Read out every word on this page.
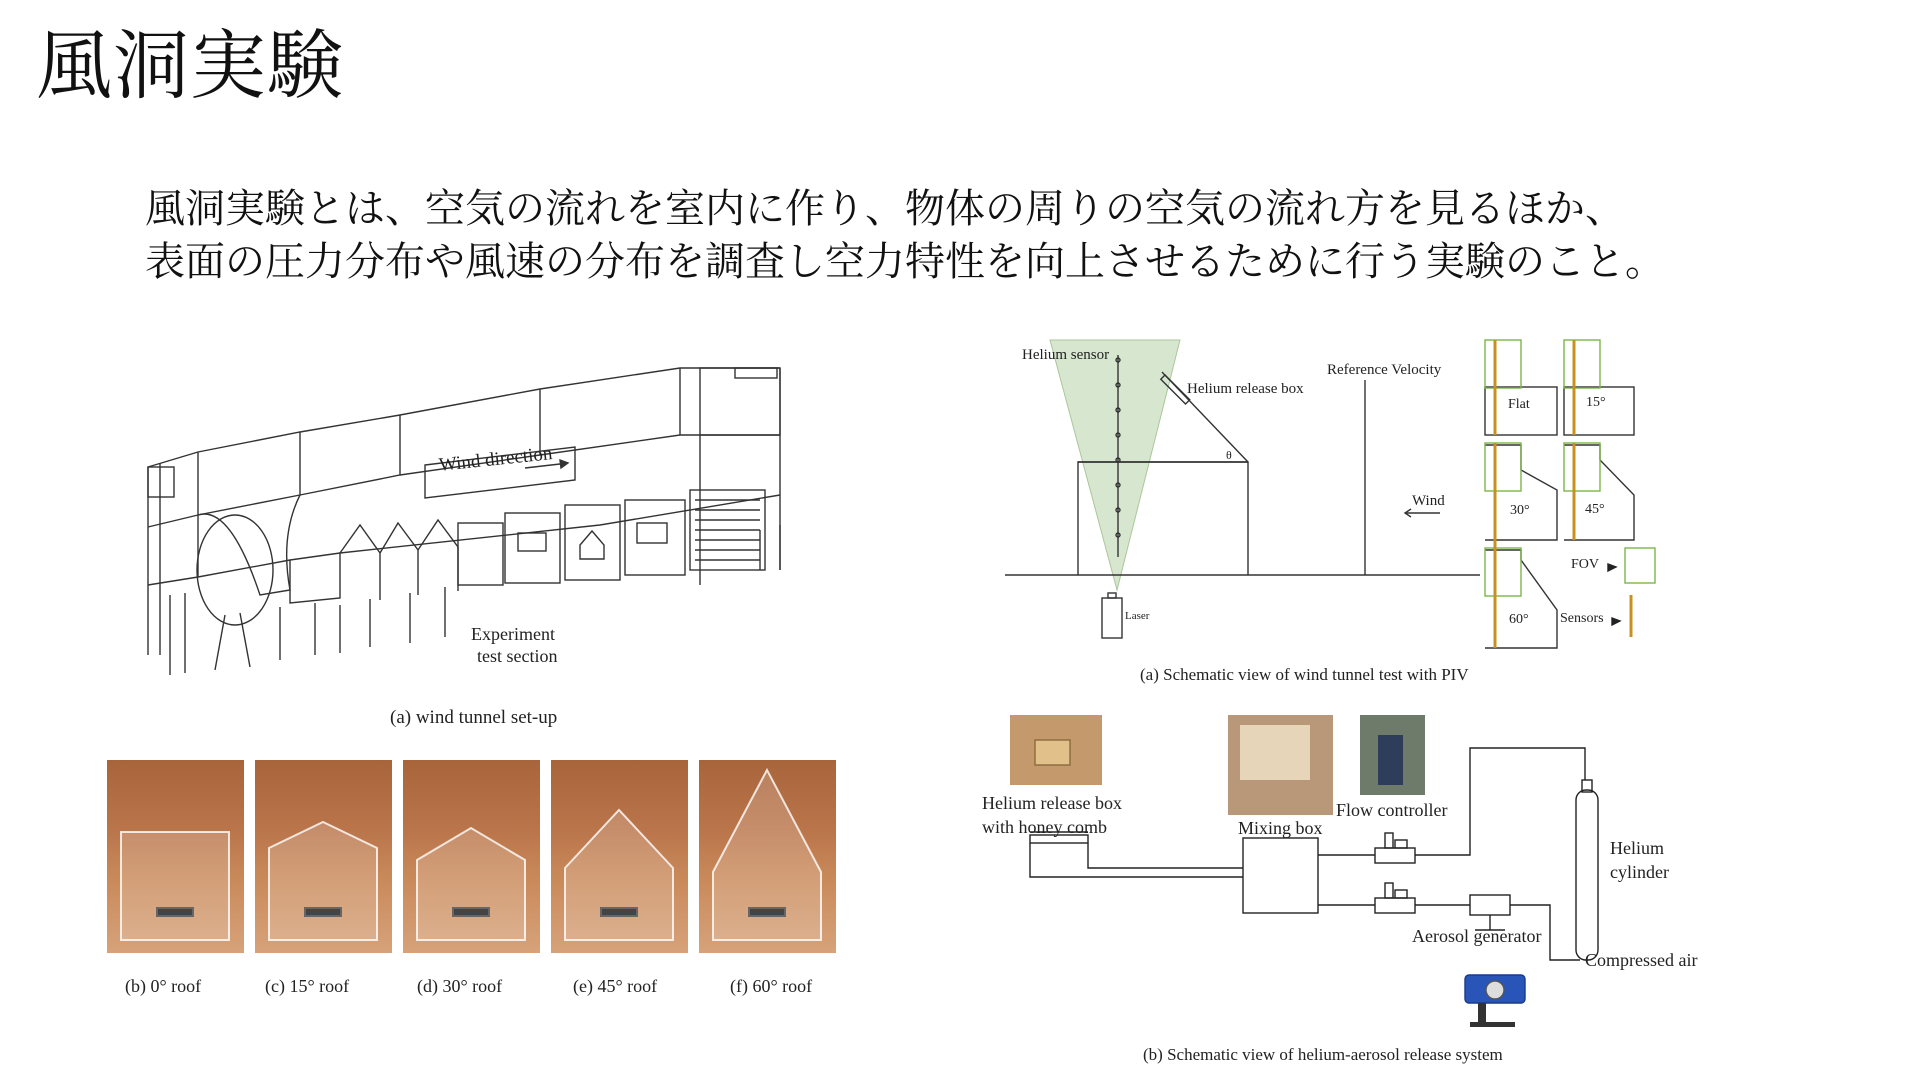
風洞実験
風洞実験とは、空気の流れを室内に作り、物体の周りの空気の流れ方を見るほか、
表面の圧力分布や風速の分布を調査し空力特性を向上させるために行う実験のこと。
Wind direction
Experiment
test section
(a) wind tunnel set-up
(b) 0° roof	(c) 15° roof	(d) 30° roof	(e) 45° roof	(f) 60° roof
Helium sensor
Helium release box
Reference Velocity
θ
Wind
Laser
Flat	15°
30°	45°
60°
FOV
Sensors
(a) Schematic view of wind tunnel test with PIV
Helium release box
with honey comb	Mixing box
Flow controller
Helium
cylinder
Aerosol generator
Compressed air
(b) Schematic view of helium-aerosol release system
